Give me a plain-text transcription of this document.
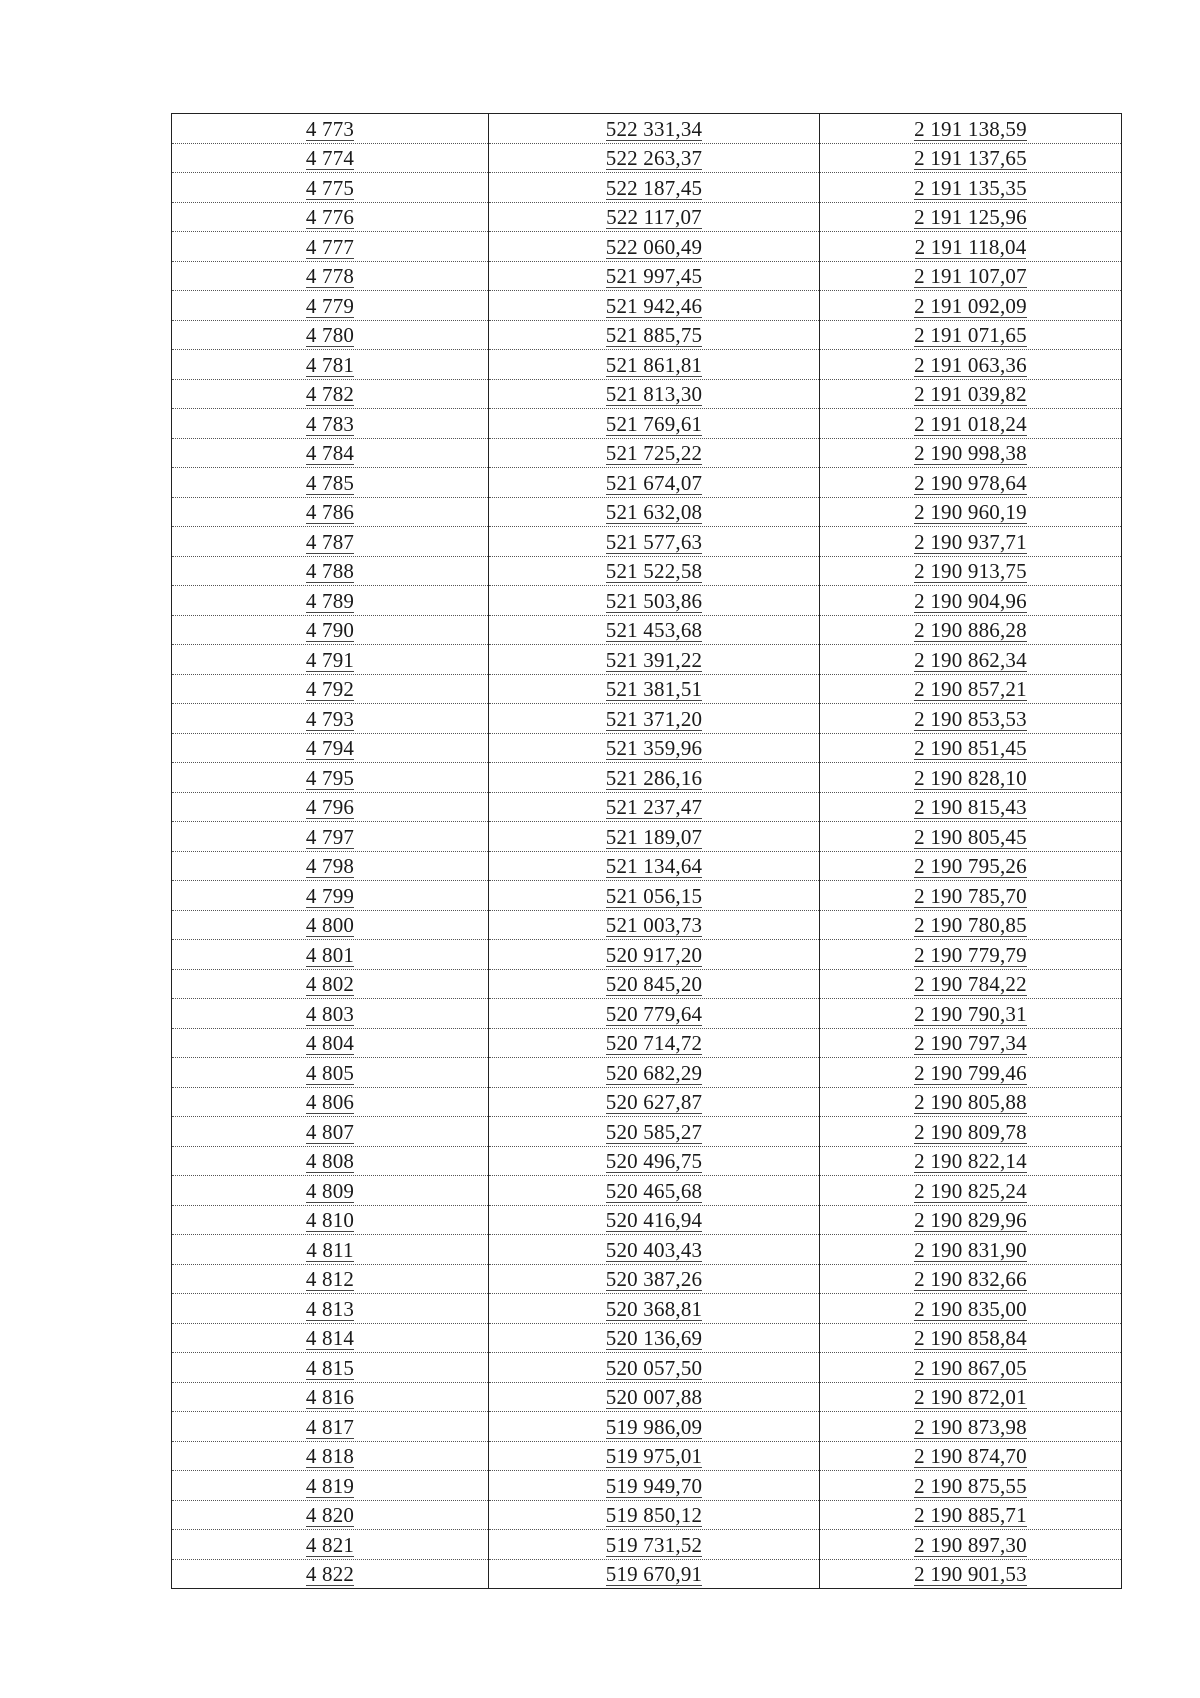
4 773	522 331,34	2 191 138,59
4 774	522 263,37	2 191 137,65
4 775	522 187,45	2 191 135,35
4 776	522 117,07	2 191 125,96
4 777	522 060,49	2 191 118,04
4 778	521 997,45	2 191 107,07
4 779	521 942,46	2 191 092,09
4 780	521 885,75	2 191 071,65
4 781	521 861,81	2 191 063,36
4 782	521 813,30	2 191 039,82
4 783	521 769,61	2 191 018,24
4 784	521 725,22	2 190 998,38
4 785	521 674,07	2 190 978,64
4 786	521 632,08	2 190 960,19
4 787	521 577,63	2 190 937,71
4 788	521 522,58	2 190 913,75
4 789	521 503,86	2 190 904,96
4 790	521 453,68	2 190 886,28
4 791	521 391,22	2 190 862,34
4 792	521 381,51	2 190 857,21
4 793	521 371,20	2 190 853,53
4 794	521 359,96	2 190 851,45
4 795	521 286,16	2 190 828,10
4 796	521 237,47	2 190 815,43
4 797	521 189,07	2 190 805,45
4 798	521 134,64	2 190 795,26
4 799	521 056,15	2 190 785,70
4 800	521 003,73	2 190 780,85
4 801	520 917,20	2 190 779,79
4 802	520 845,20	2 190 784,22
4 803	520 779,64	2 190 790,31
4 804	520 714,72	2 190 797,34
4 805	520 682,29	2 190 799,46
4 806	520 627,87	2 190 805,88
4 807	520 585,27	2 190 809,78
4 808	520 496,75	2 190 822,14
4 809	520 465,68	2 190 825,24
4 810	520 416,94	2 190 829,96
4 811	520 403,43	2 190 831,90
4 812	520 387,26	2 190 832,66
4 813	520 368,81	2 190 835,00
4 814	520 136,69	2 190 858,84
4 815	520 057,50	2 190 867,05
4 816	520 007,88	2 190 872,01
4 817	519 986,09	2 190 873,98
4 818	519 975,01	2 190 874,70
4 819	519 949,70	2 190 875,55
4 820	519 850,12	2 190 885,71
4 821	519 731,52	2 190 897,30
4 822	519 670,91	2 190 901,53
